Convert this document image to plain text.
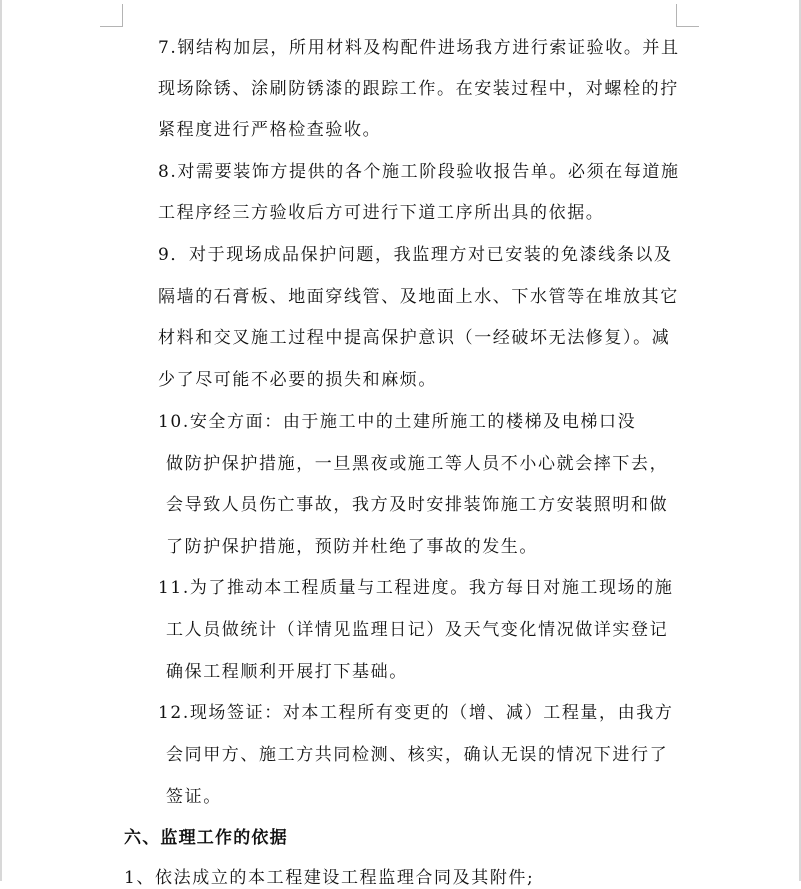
7.钢结构加层，所用材料及构配件进场我方进行索证验收。并且
现场除锈、涂刷防锈漆的跟踪工作。在安装过程中，对螺栓的拧
紧程度进行严格检查验收。
8.对需要装饰方提供的各个施工阶段验收报告单。必须在每道施
工程序经三方验收后方可进行下道工序所出具的依据。
9．对于现场成品保护问题，我监理方对已安装的免漆线条以及
隔墙的石膏板、地面穿线管、及地面上水、下水管等在堆放其它
材料和交叉施工过程中提高保护意识（一经破坏无法修复）。减
少了尽可能不必要的损失和麻烦。
10.安全方面：由于施工中的土建所施工的楼梯及电梯口没
做防护保护措施，一旦黑夜或施工等人员不小心就会摔下去，
会导致人员伤亡事故，我方及时安排装饰施工方安装照明和做
了防护保护措施，预防并杜绝了事故的发生。
11.为了推动本工程质量与工程进度。我方每日对施工现场的施
工人员做统计（详情见监理日记）及天气变化情况做详实登记
确保工程顺利开展打下基础。
12.现场签证：对本工程所有变更的（增、减）工程量，由我方
会同甲方、施工方共同检测、核实，确认无误的情况下进行了
签证。
六、监理工作的依据
1、依法成立的本工程建设工程监理合同及其附件;
